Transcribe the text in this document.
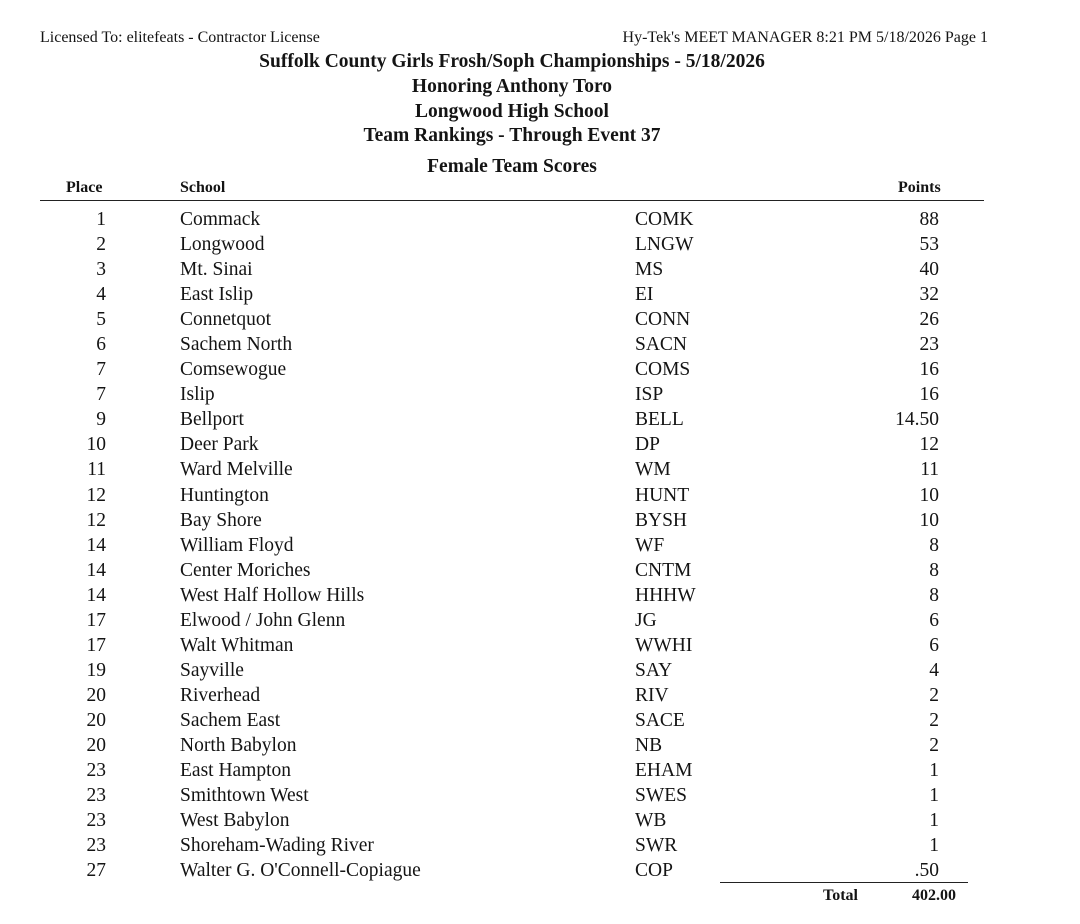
Licensed To: elitefeats - Contractor License	Hy-Tek's MEET MANAGER 8:21 PM 5/18/2026 Page 1
Suffolk County Girls Frosh/Soph Championships - 5/18/2026
Honoring Anthony Toro
Longwood High School
Team Rankings - Through Event 37
Female Team Scores
Place	School	Points
1	Commack	COMK	88
2	Longwood	LNGW	53
3	Mt. Sinai	MS	40
4	East Islip	EI	32
5	Connetquot	CONN	26
6	Sachem North	SACN	23
7	Comsewogue	COMS	16
7	Islip	ISP	16
9	Bellport	BELL	14.50
10	Deer Park	DP	12
11	Ward Melville	WM	11
12	Huntington	HUNT	10
12	Bay Shore	BYSH	10
14	William Floyd	WF	8
14	Center Moriches	CNTM	8
14	West Half Hollow Hills	HHHW	8
17	Elwood / John Glenn	JG	6
17	Walt Whitman	WWHI	6
19	Sayville	SAY	4
20	Riverhead	RIV	2
20	Sachem East	SACE	2
20	North Babylon	NB	2
23	East Hampton	EHAM	1
23	Smithtown West	SWES	1
23	West Babylon	WB	1
23	Shoreham-Wading River	SWR	1
27	Walter G. O'Connell-Copiague	COP	.50
Total	402.00
